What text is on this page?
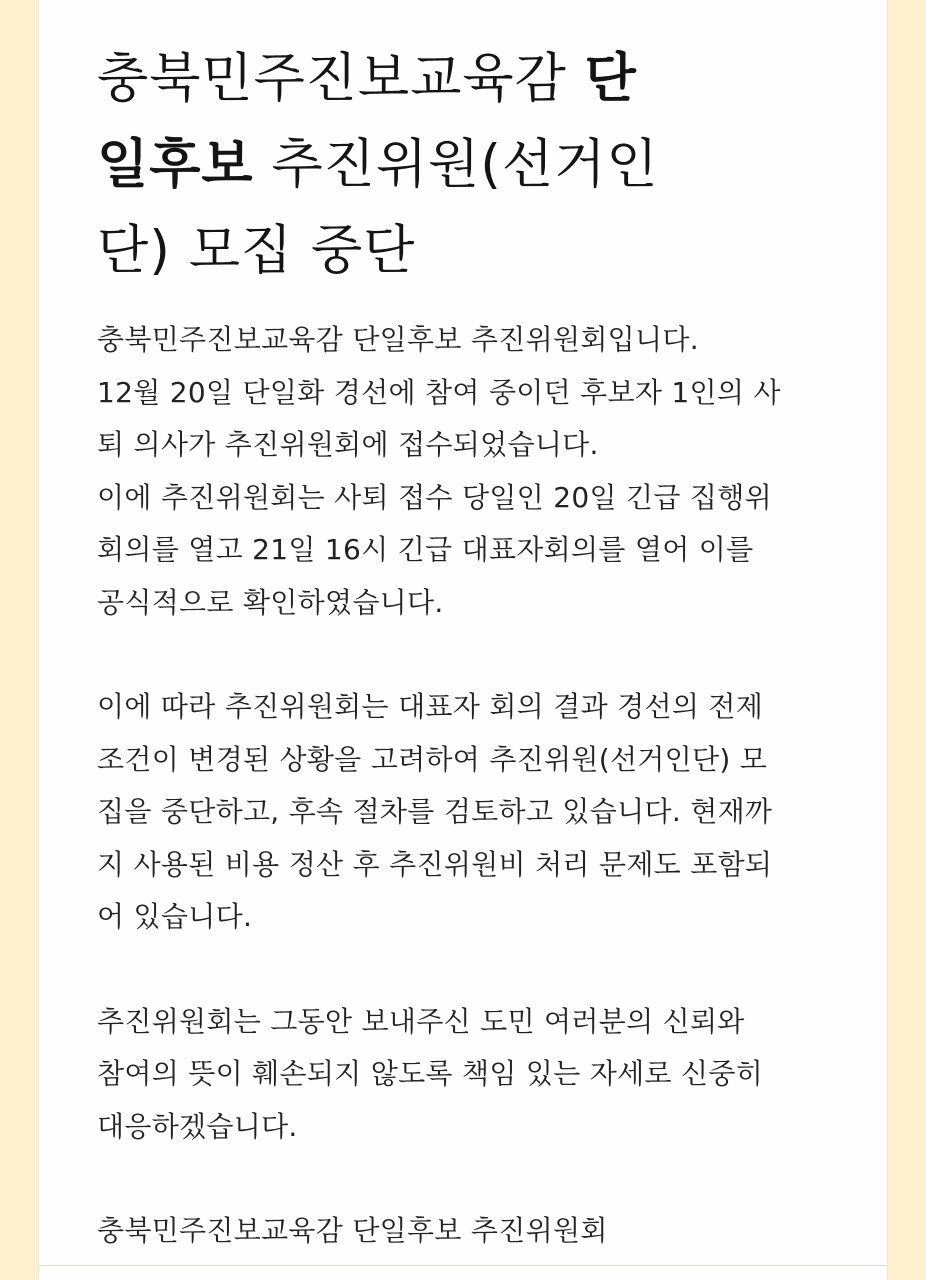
충북민주진보교육감 단
일후보 추진위원(선거인
단) 모집 중단

충북민주진보교육감 단일후보 추진위원회입니다.
12월 20일 단일화 경선에 참여 중이던 후보자 1인의 사
퇴 의사가 추진위원회에 접수되었습니다.
이에 추진위원회는 사퇴 접수 당일인 20일 긴급 집행위
회의를 열고 21일 16시 긴급 대표자회의를 열어 이를
공식적으로 확인하였습니다.

이에 따라 추진위원회는 대표자 회의 결과 경선의 전제
조건이 변경된 상황을 고려하여 추진위원(선거인단) 모
집을 중단하고, 후속 절차를 검토하고 있습니다. 현재까
지 사용된 비용 정산 후 추진위원비 처리 문제도 포함되
어 있습니다.

추진위원회는 그동안 보내주신 도민 여러분의 신뢰와
참여의 뜻이 훼손되지 않도록 책임 있는 자세로 신중히
대응하겠습니다.

충북민주진보교육감 단일후보 추진위원회
